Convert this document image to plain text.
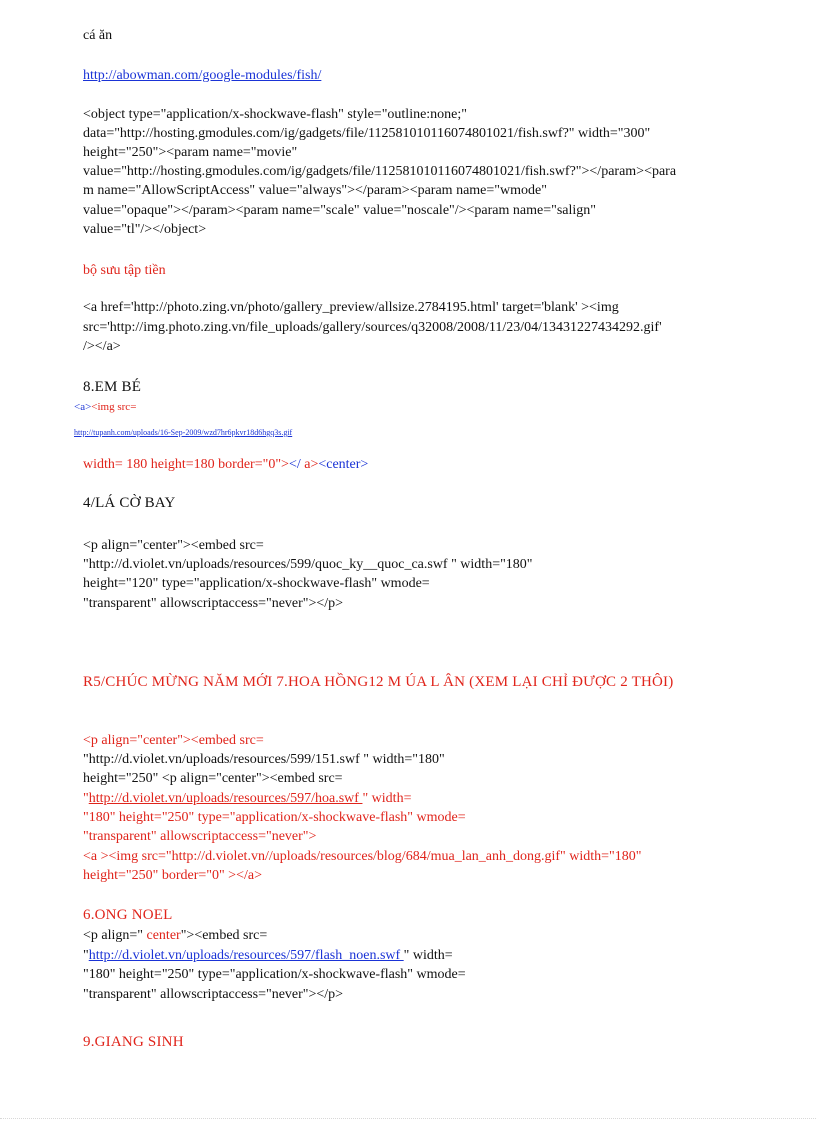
cá ăn

http://abowman.com/google-modules/fish/

<object type="application/x-shockwave-flash" style="outline:none;"

data="http://hosting.gmodules.com/ig/gadgets/file/112581010116074801021/fish.swf?" width="300"

height="250"><param name="movie"

value="http://hosting.gmodules.com/ig/gadgets/file/112581010116074801021/fish.swf?"></param><para

m name="AllowScriptAccess" value="always"></param><param name="wmode"

value="opaque"></param><param name="scale" value="noscale"/><param name="salign"

value="tl"/></object>

bộ sưu tập tiền

<a href='http://photo.zing.vn/photo/gallery_preview/allsize.2784195.html' target='blank' ><img

src='http://img.photo.zing.vn/file_uploads/gallery/sources/q32008/2008/11/23/04/13431227434292.gif'

/></a>

8.EM BÉ

<a><img src=

http://tupanh.com/uploads/16-Sep-2009/wzd7hr6pkvr18d6hgq3s.gif

width= 180 height=180 border="0"></ a><center>

4/LÁ CỜ BAY

<p align="center"><embed src=

"http://d.violet.vn/uploads/resources/599/quoc_ky__quoc_ca.swf " width="180"

height="120" type="application/x-shockwave-flash" wmode=

"transparent" allowscriptaccess="never"></p>

R5/CHÚC MỪNG NĂM MỚI 7.HOA HỒNG12 M ÚA L ÂN (XEM LẠI CHỈ ĐƯỢC 2 THÔI)

<p align="center"><embed src=

"http://d.violet.vn/uploads/resources/599/151.swf " width="180"

height="250" <p align="center"><embed src=

"http://d.violet.vn/uploads/resources/597/hoa.swf " width=

"180" height="250" type="application/x-shockwave-flash" wmode=

"transparent" allowscriptaccess="never">

<a ><img src="http://d.violet.vn//uploads/resources/blog/684/mua_lan_anh_dong.gif" width="180"

height="250" border="0" ></a>

6.ONG NOEL

<p align=" center"><embed src=

"http://d.violet.vn/uploads/resources/597/flash_noen.swf " width=

"180" height="250" type="application/x-shockwave-flash" wmode=

"transparent" allowscriptaccess="never"></p>

9.GIANG SINH
